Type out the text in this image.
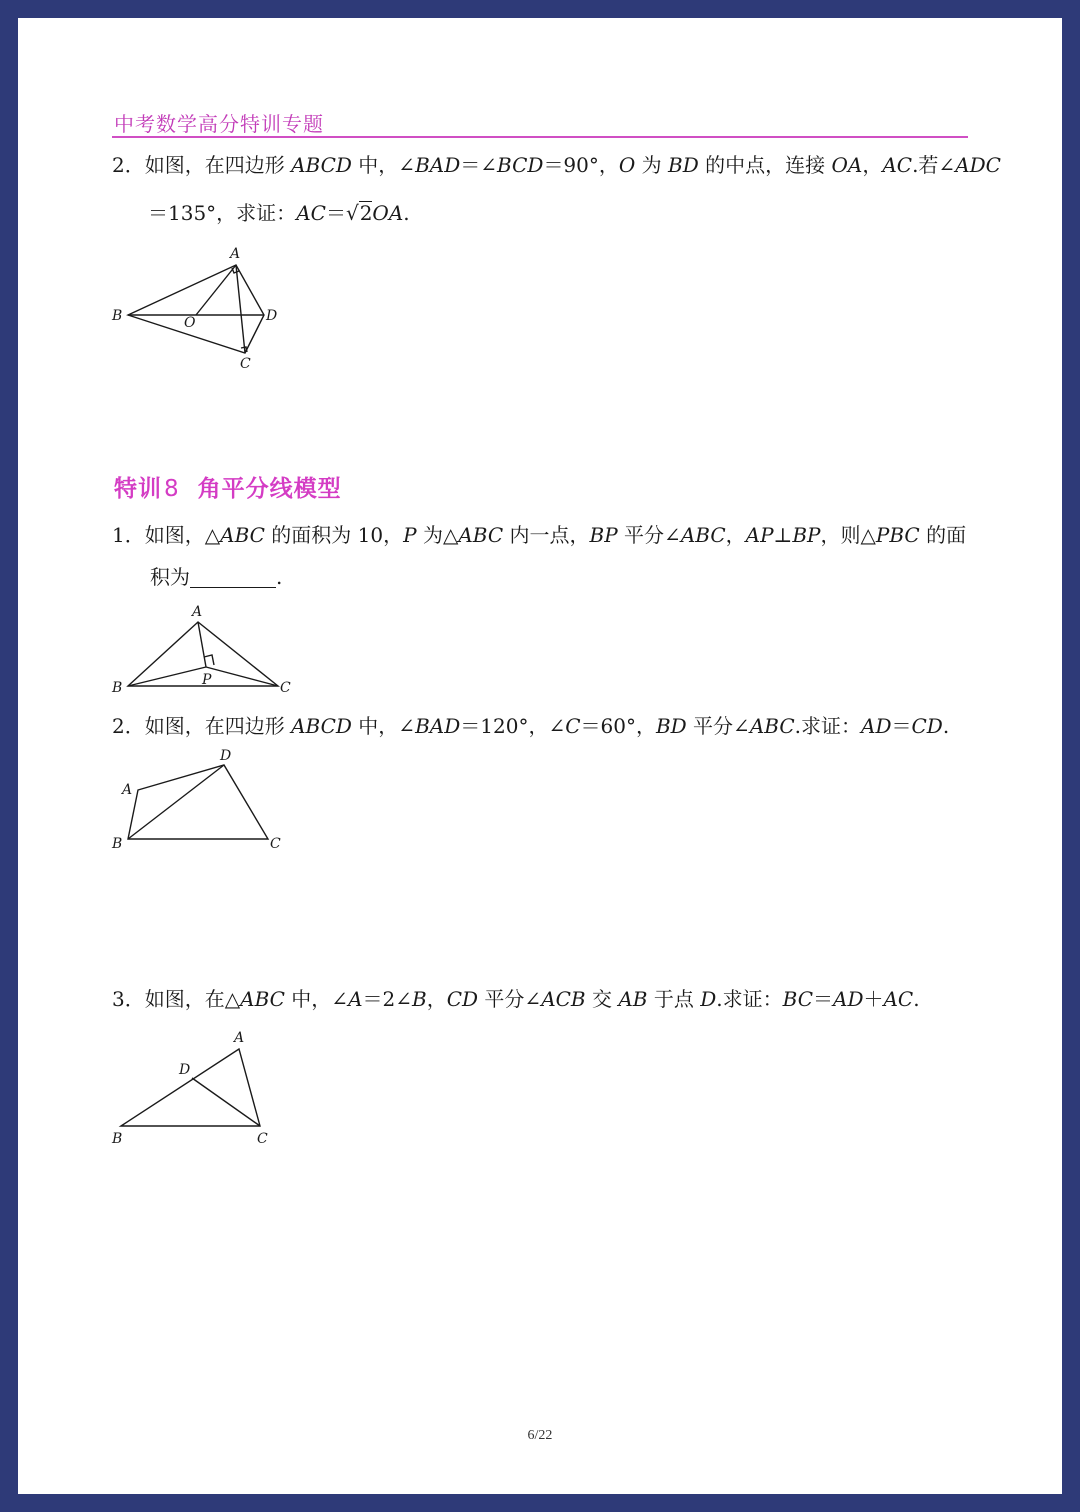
中考数学高分特训专题
2．如图，在四边形 ABCD 中，∠BAD＝∠BCD＝90°，O 为 BD 的中点，连接 OA，AC.若∠ADC
＝135°，求证：AC＝√2OA.
A
B	O	D
C
特训8 角平分线模型
1．如图，△ABC 的面积为 10，P 为△ABC 内一点，BP 平分∠ABC，AP⊥BP，则△PBC 的面
积为	.
A
P
B	C
2．如图，在四边形 ABCD 中，∠BAD＝120°，∠C＝60°，BD 平分∠ABC.求证：AD＝CD.
D
A
B	C
3．如图，在△ABC 中，∠A＝2∠B，CD 平分∠ACB 交 AB 于点 D.求证：BC＝AD＋AC.
A
D
B	C
6/22
